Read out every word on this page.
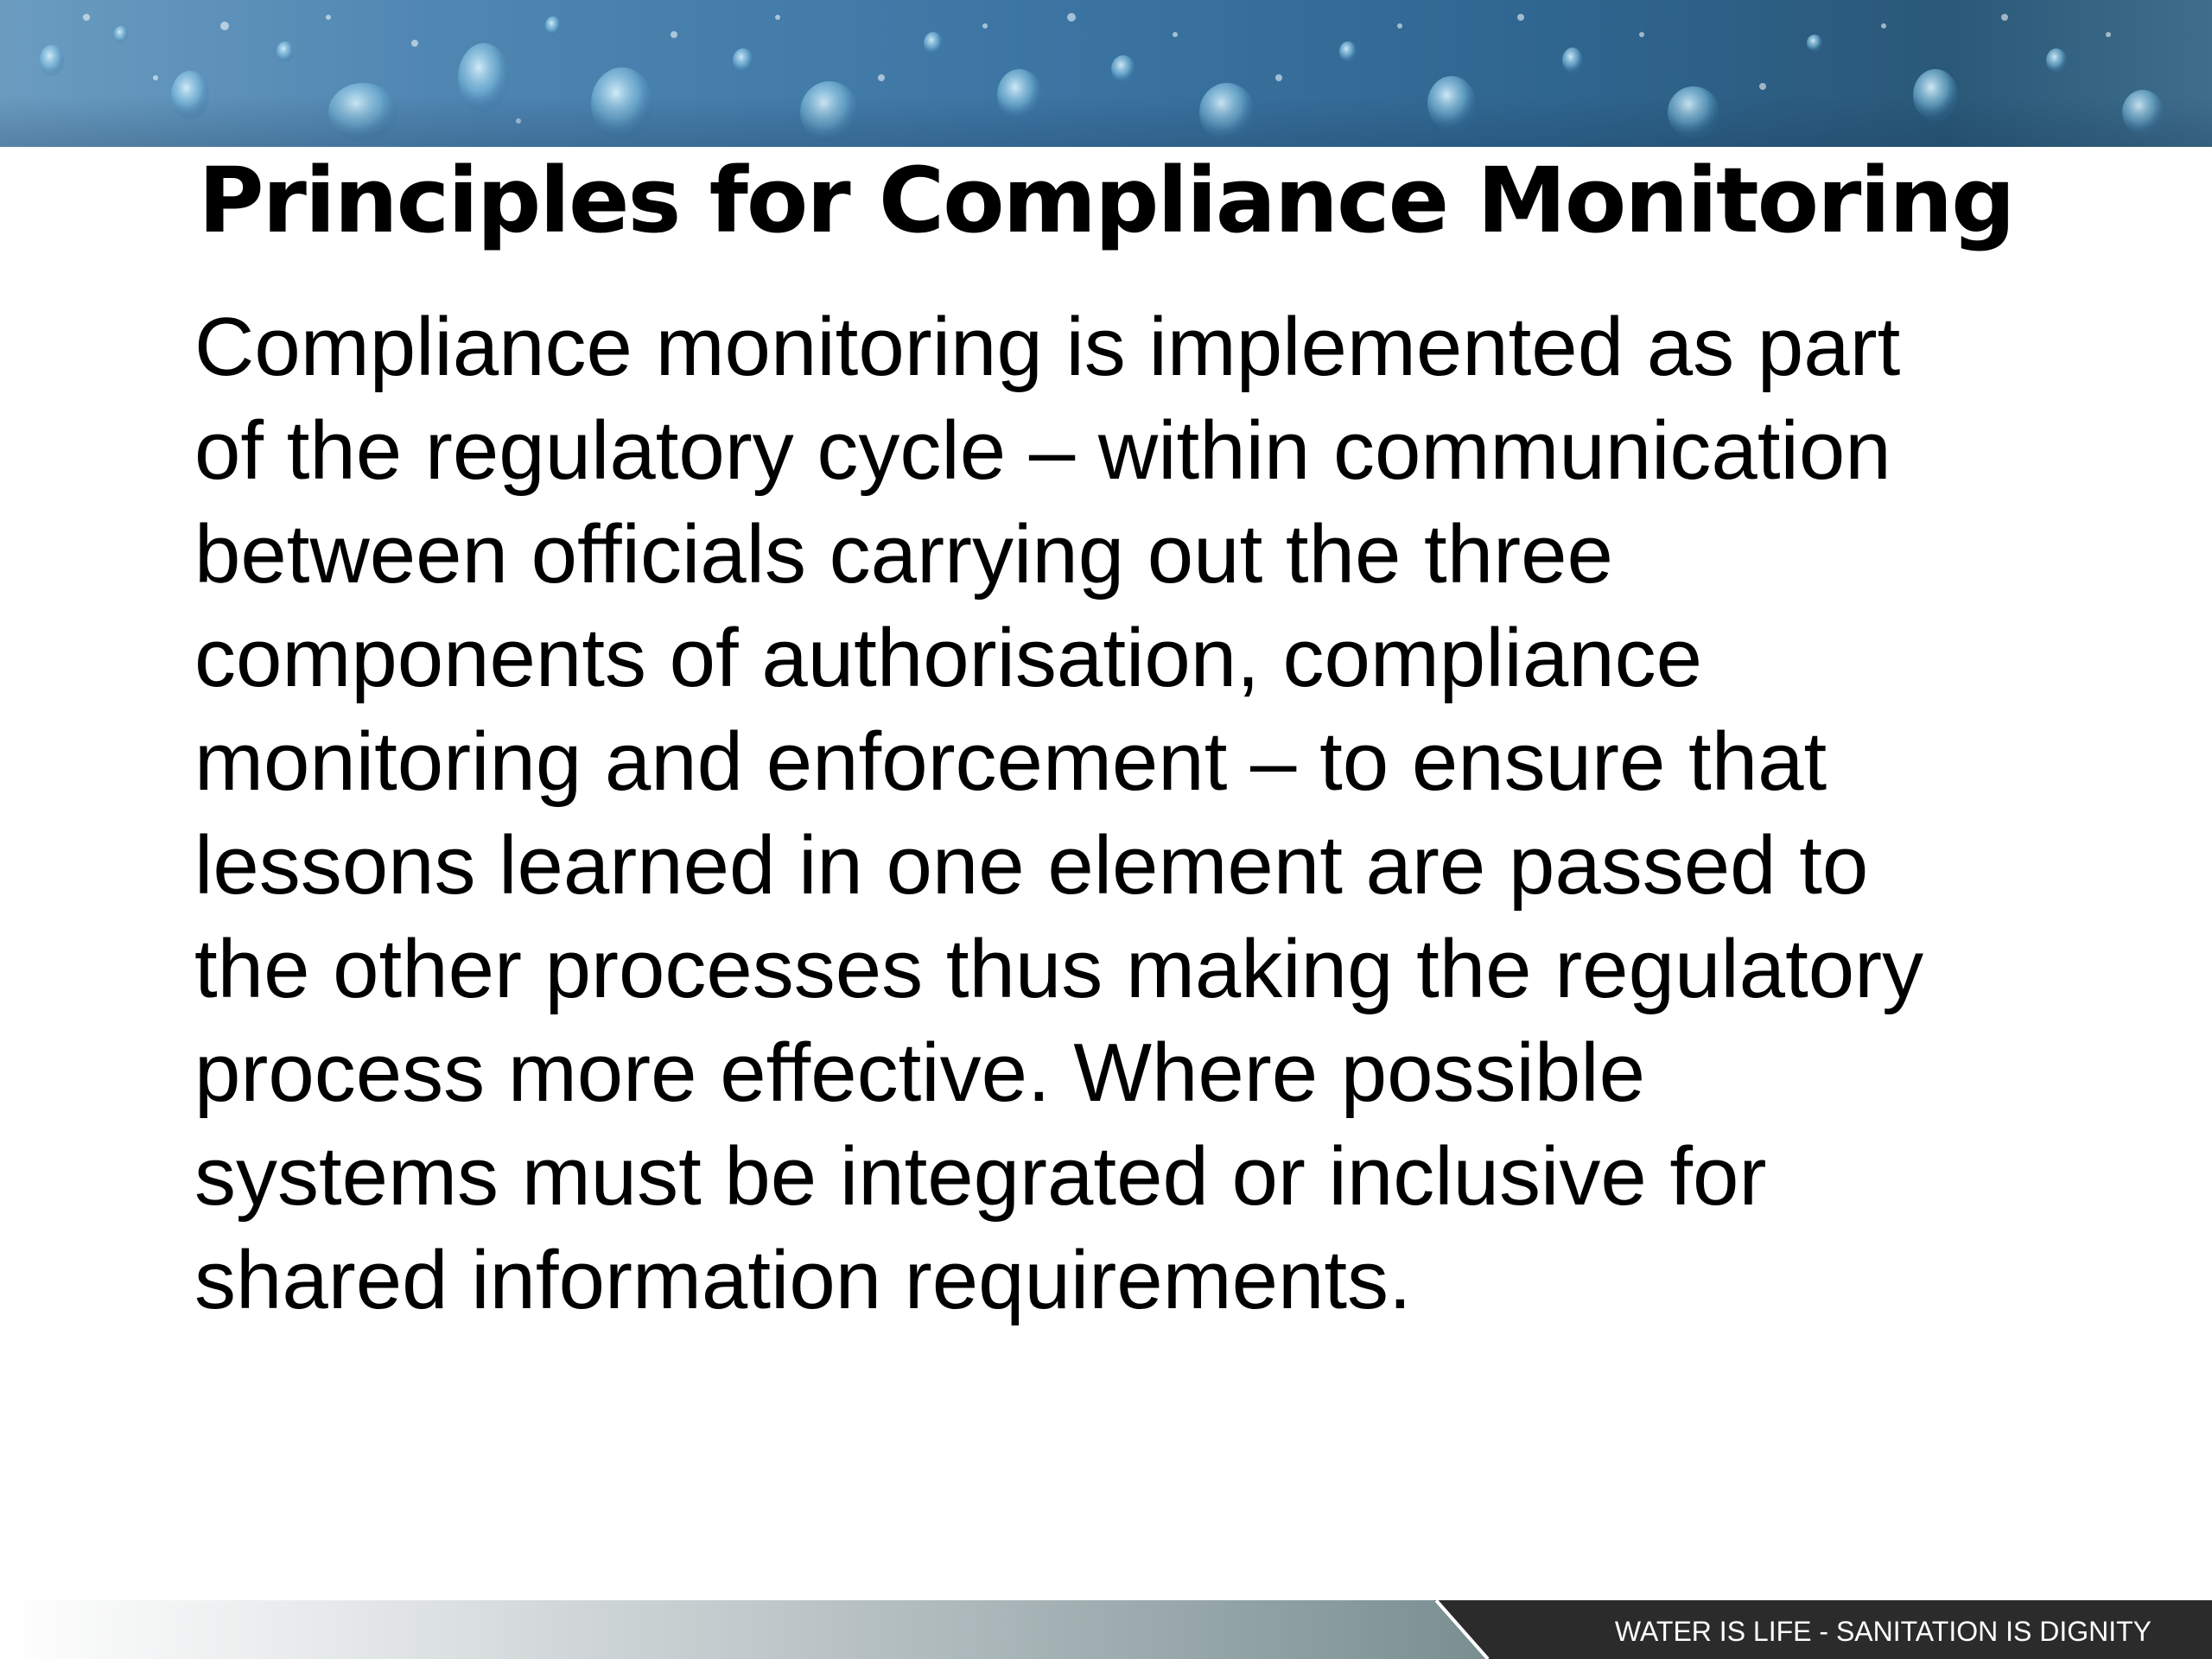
Principles for Compliance Monitoring
Compliance monitoring is implemented as part
of the regulatory cycle – within communication
between officials carrying out the three
components of authorisation, compliance
monitoring and enforcement – to ensure that
lessons learned in one element are passed to
the other processes thus making the regulatory
process more effective. Where possible
systems must be integrated or inclusive for
shared information requirements.
WATER IS LIFE - SANITATION IS DIGNITY
